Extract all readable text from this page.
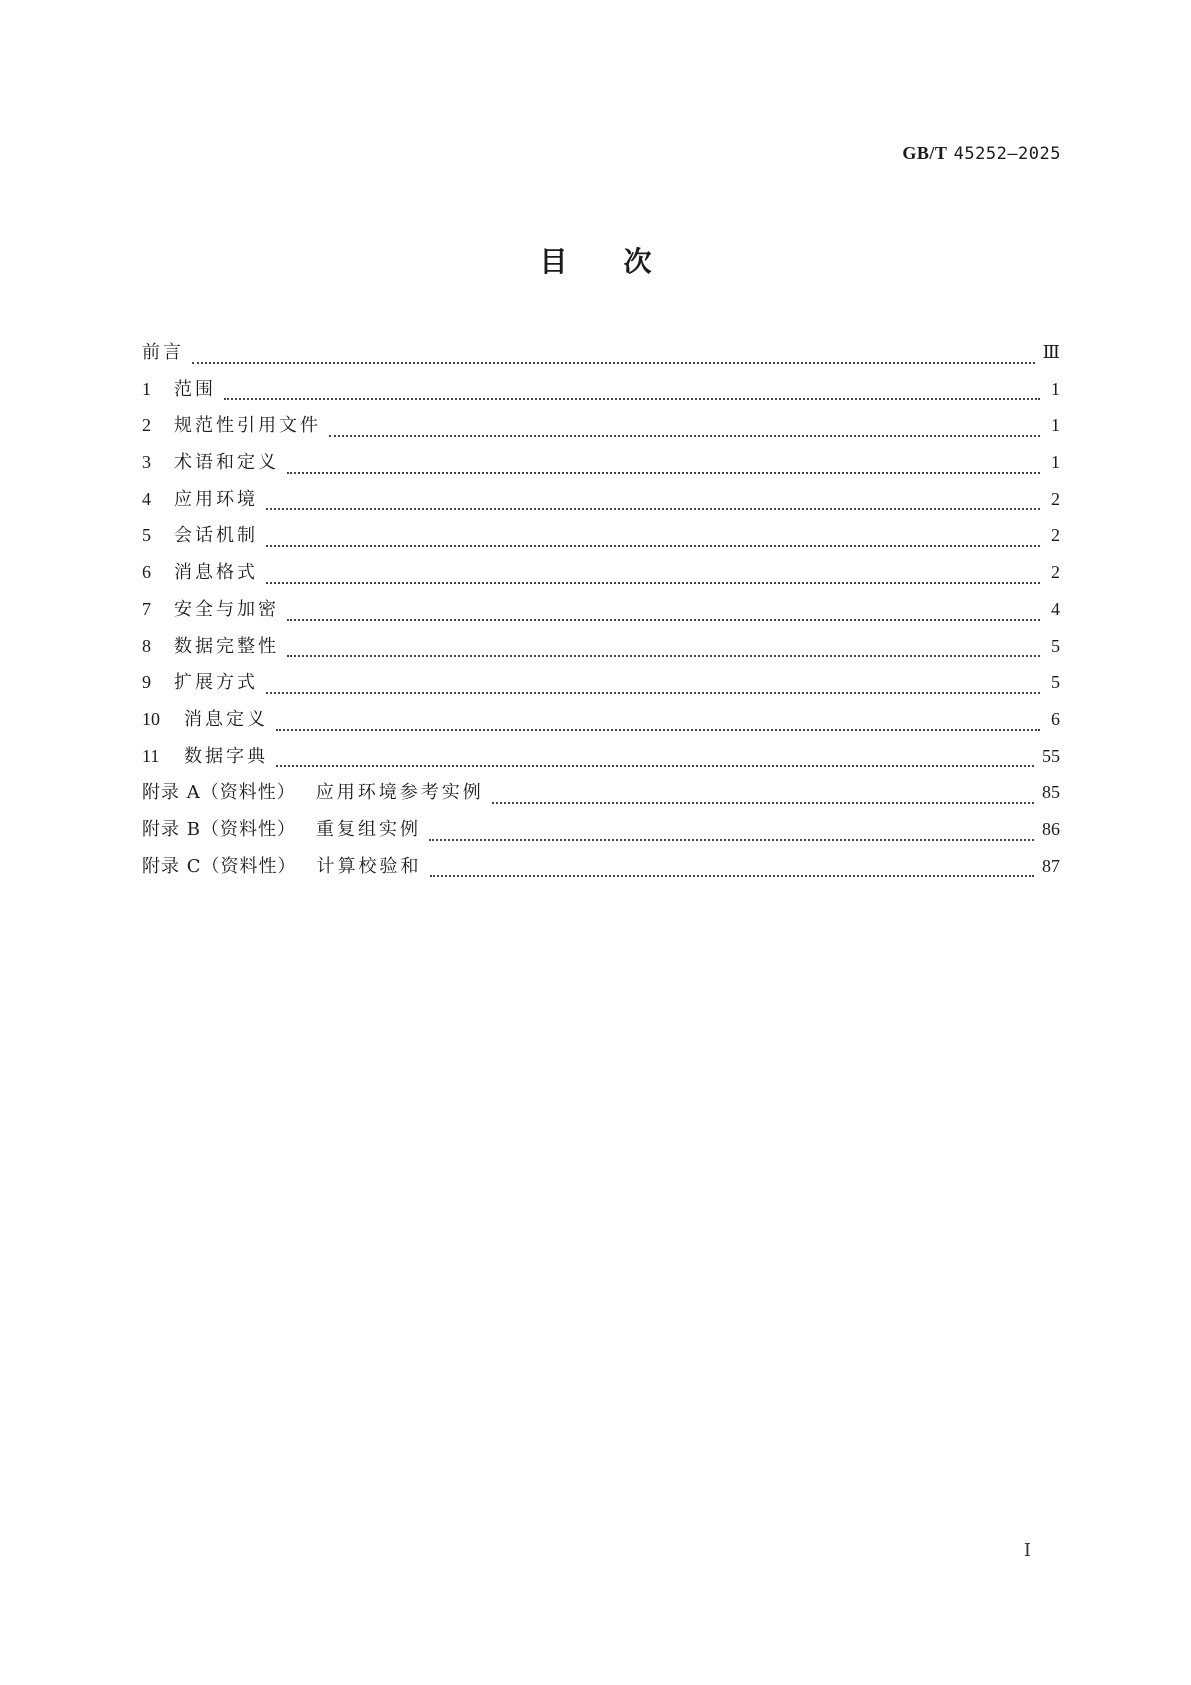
GB/T 45252—2025
目次
前言	Ⅲ
1	范围	1
2	规范性引用文件	1
3	术语和定义	1
4	应用环境	2
5	会话机制	2
6	消息格式	2
7	安全与加密	4
8	数据完整性	5
9	扩展方式	5
10	消息定义	6
11	数据字典	55
附录 A（资料性） 应用环境参考实例	85
附录 B（资料性） 重复组实例	86
附录 C（资料性） 计算校验和	87
Ⅰ
